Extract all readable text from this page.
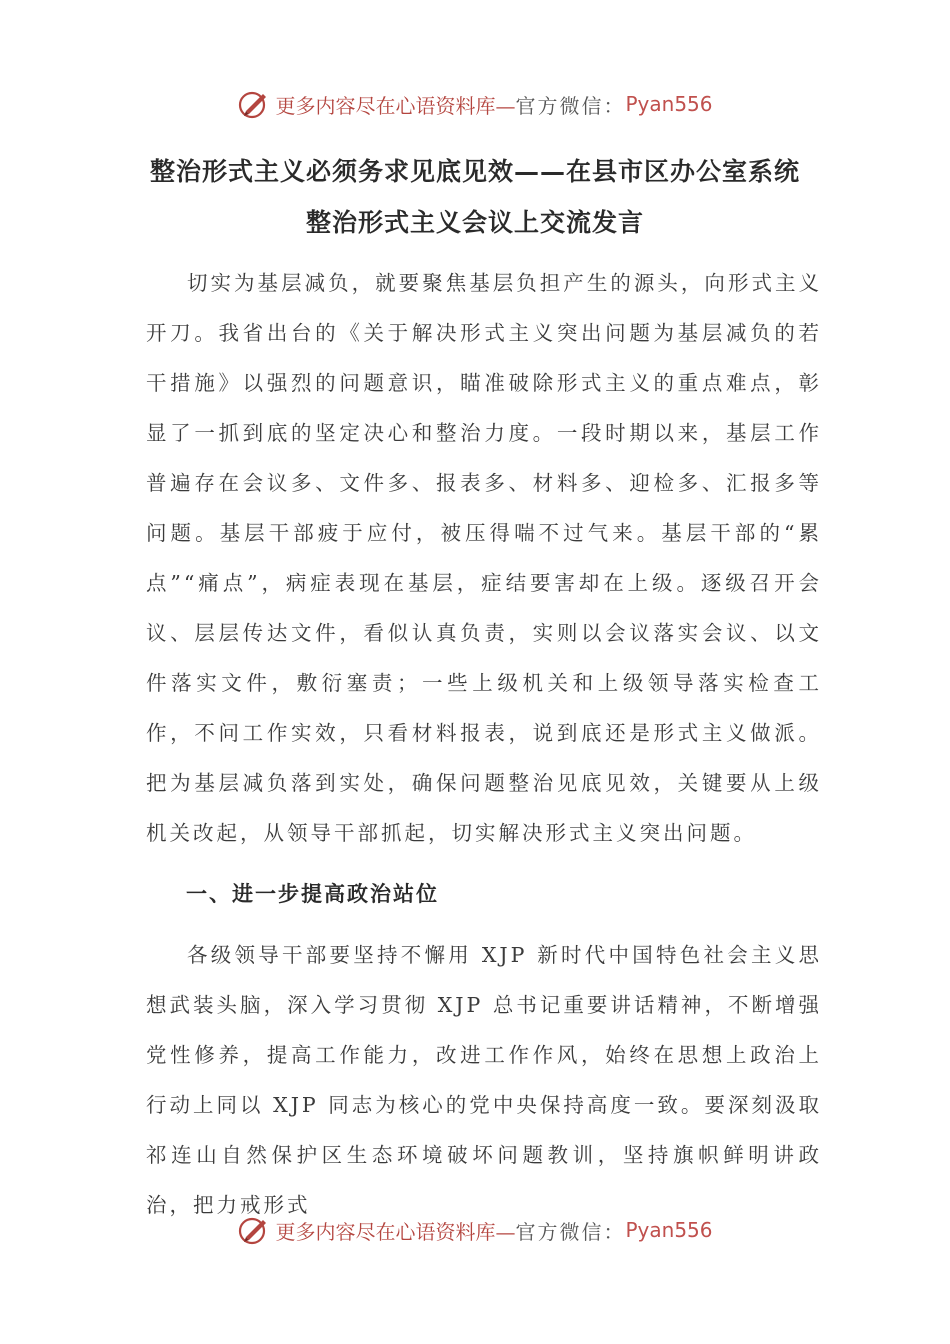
更多内容尽在心语资料库— 官方微信： Pyan556
整治形式主义必须务求见底见效——在县市区办公室系统
整治形式主义会议上交流发言

切实为基层减负，就要聚焦基层负担产生的源头，向形式主义开刀。我省出台的《关于解决形式主义突出问题为基层减负的若干措施》以强烈的问题意识，瞄准破除形式主义的重点难点，彰显了一抓到底的坚定决心和整治力度。一段时期以来，基层工作普遍存在会议多、文件多、报表多、材料多、迎检多、汇报多等问题。基层干部疲于应付，被压得喘不过气来。基层干部的“累点”“痛点”，病症表现在基层，症结要害却在上级。逐级召开会议、层层传达文件，看似认真负责，实则以会议落实会议、以文件落实文件，敷衍塞责；一些上级机关和上级领导落实检查工作，不问工作实效，只看材料报表，说到底还是形式主义做派。把为基层减负落到实处，确保问题整治见底见效，关键要从上级机关改起，从领导干部抓起，切实解决形式主义突出问题。

一、进一步提高政治站位

各级领导干部要坚持不懈用 XJP 新时代中国特色社会主义思想武装头脑，深入学习贯彻 XJP 总书记重要讲话精神，不断增强党性修养，提高工作能力，改进工作作风，始终在思想上政治上行动上同以 XJP 同志为核心的党中央保持高度一致。要深刻汲取祁连山自然保护区生态环境破坏问题教训，坚持旗帜鲜明讲政治，把力戒形式

更多内容尽在心语资料库— 官方微信： Pyan556
